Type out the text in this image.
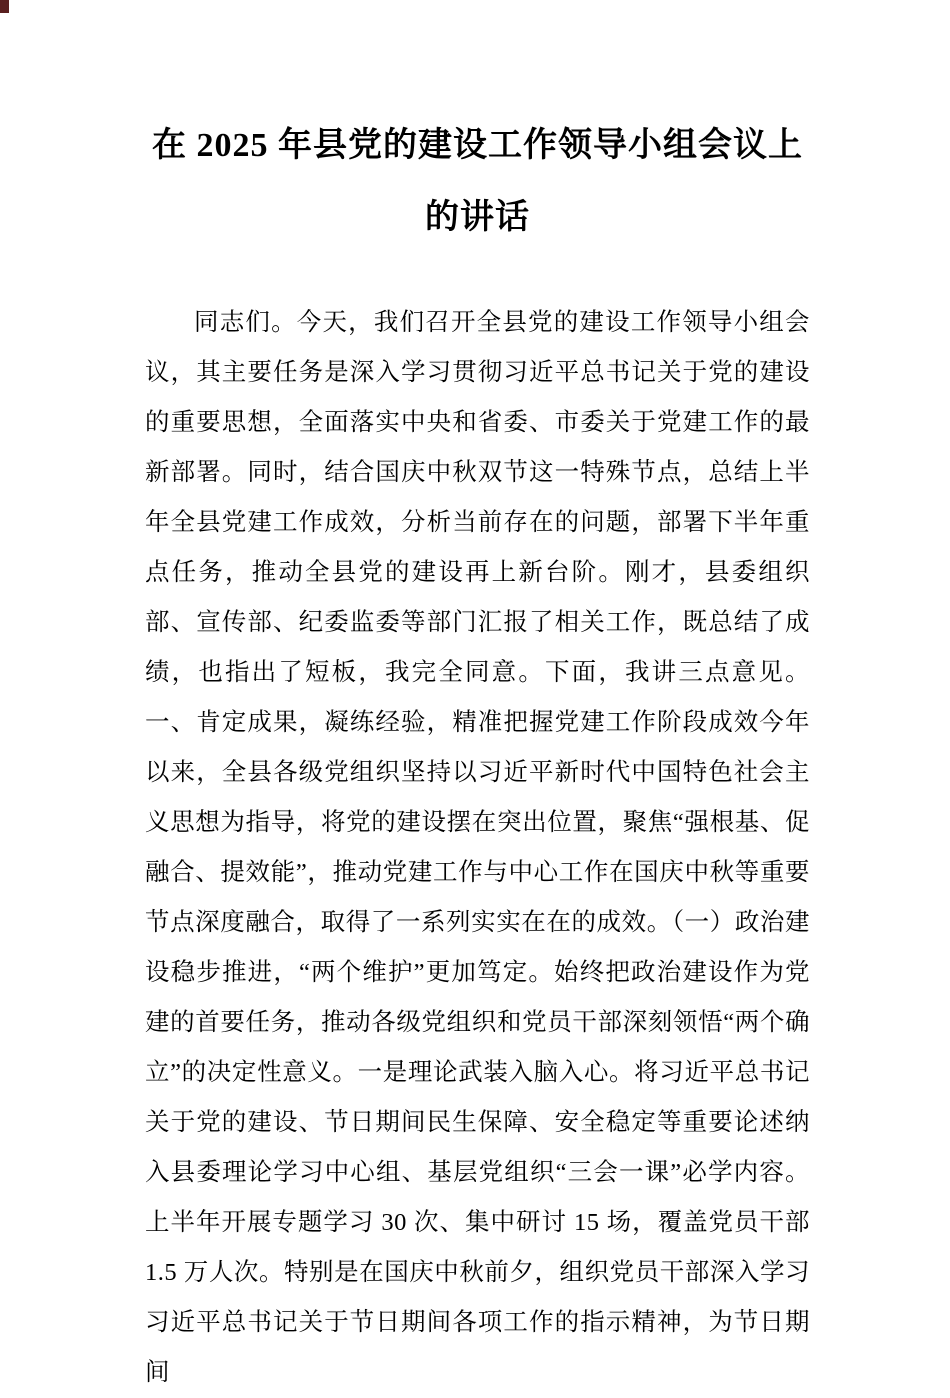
在 2025 年县党的建设工作领导小组会议上的讲话

同志们。今天，我们召开全县党的建设工作领导小组会议，其主要任务是深入学习贯彻习近平总书记关于党的建设的重要思想，全面落实中央和省委、市委关于党建工作的最新部署。同时，结合国庆中秋双节这一特殊节点，总结上半年全县党建工作成效，分析当前存在的问题，部署下半年重点任务，推动全县党的建设再上新台阶。刚才，县委组织部、宣传部、纪委监委等部门汇报了相关工作，既总结了成绩，也指出了短板，我完全同意。下面，我讲三点意见。一、肯定成果，凝练经验，精准把握党建工作阶段成效今年以来，全县各级党组织坚持以习近平新时代中国特色社会主义思想为指导，将党的建设摆在突出位置，聚焦“强根基、促融合、提效能”，推动党建工作与中心工作在国庆中秋等重要节点深度融合，取得了一系列实实在在的成效。（一）政治建设稳步推进，“两个维护”更加笃定。始终把政治建设作为党建的首要任务，推动各级党组织和党员干部深刻领悟“两个确立”的决定性意义。一是理论武装入脑入心。将习近平总书记关于党的建设、节日期间民生保障、安全稳定等重要论述纳入县委理论学习中心组、基层党组织“三会一课”必学内容。上半年开展专题学习 30 次、集中研讨 15 场，覆盖党员干部 1.5 万人次。特别是在国庆中秋前夕，组织党员干部深入学习习近平总书记关于节日期间各项工作的指示精神，为节日期间
